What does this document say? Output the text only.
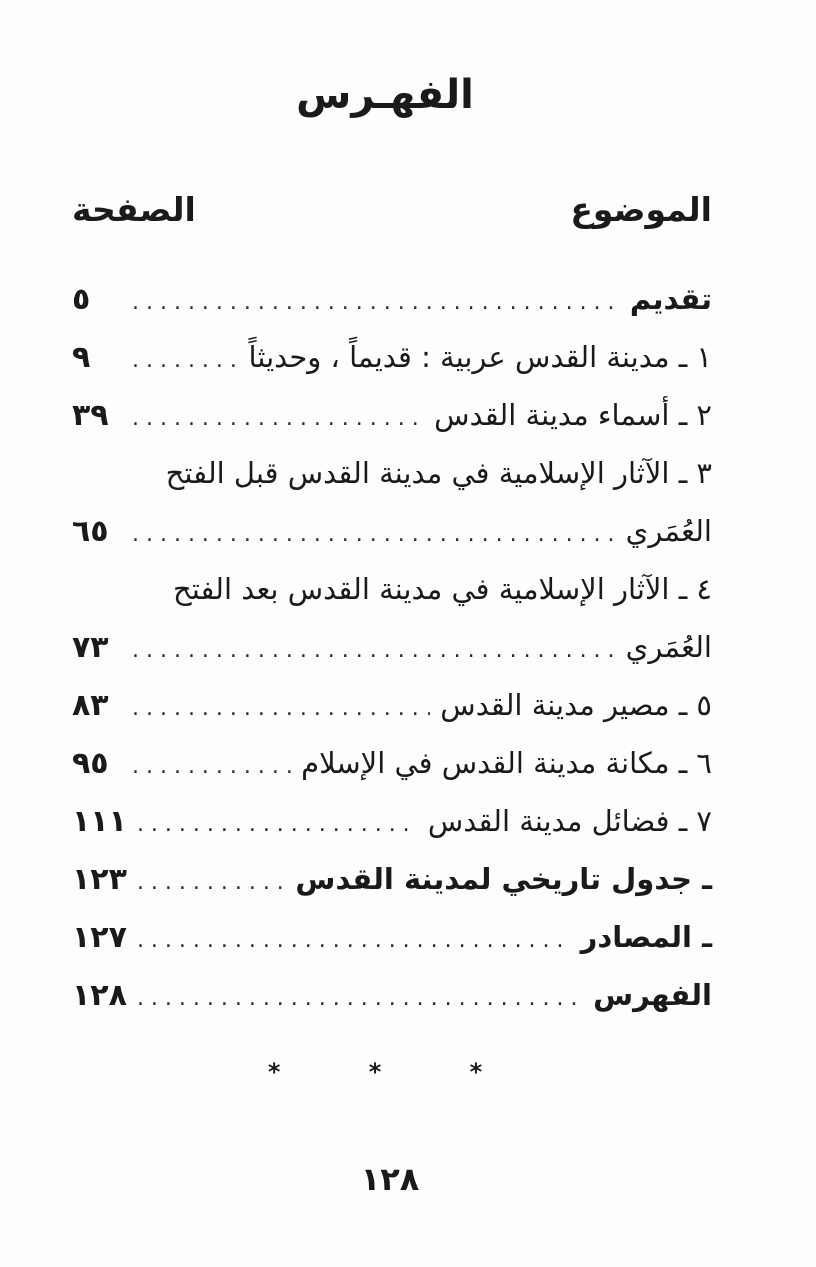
الفهـرس
الموضوع
الصفحة
تقديم
. . .
٥
١ ـ مدينة القدس عربية : قديماً ، وحديثاً
. . .
٩
٢ ـ أسماء مدينة القدس
. . .
٣٩
٣ ـ الآثار الإسلامية في مدينة القدس قبل الفتح
العُمَري
. . .
٦٥
٤ ـ الآثار الإسلامية في مدينة القدس بعد الفتح
العُمَري
. . .
٧٣
٥ ـ مصير مدينة القدس
. . .
٨٣
٦ ـ مكانة مدينة القدس في الإسلام
. . .
٩٥
٧ ـ فضائل مدينة القدس
. . .
١١١
ـ جدول تاريخي لمدينة القدس
. . .
١٢٣
ـ المصادر
. . .
١٢٧
الفهرس
. . .
١٢٨
* * *
١٢٨
